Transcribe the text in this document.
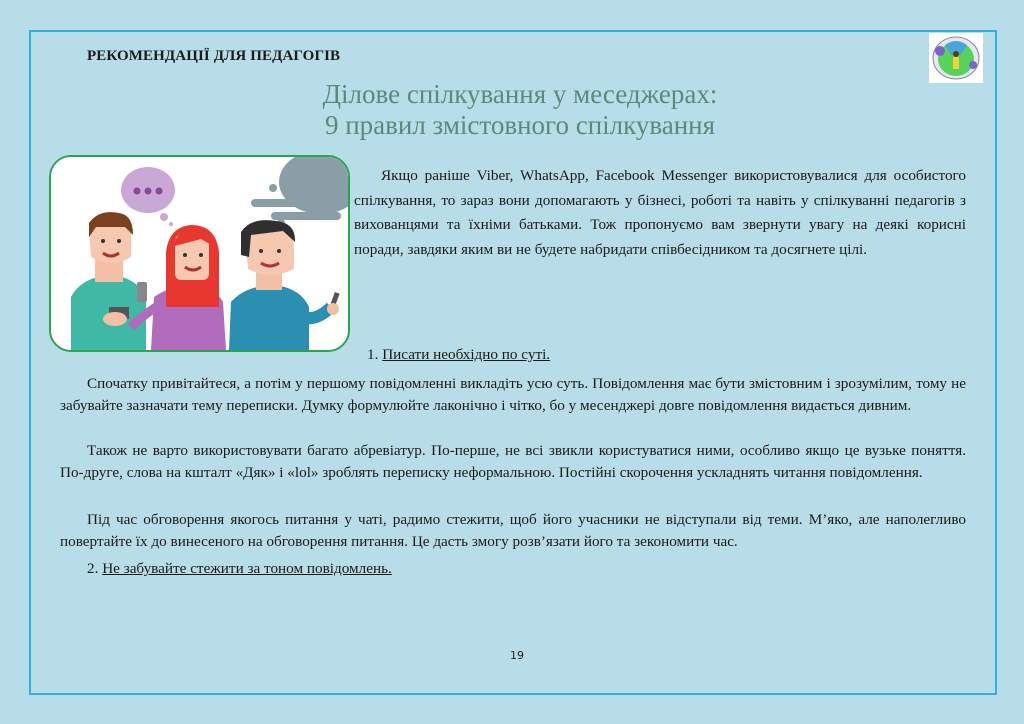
РЕКОМЕНДАЦІЇ ДЛЯ ПЕДАГОГІВ
Ділове спілкування у меседжерах:
9 правил змістовного спілкування
Якщо раніше Viber, WhatsApp, Facebook Messenger використовувалися для особистого спілкування, то зараз вони допомагають у бізнесі, роботі та навіть у спілкуванні педагогів з вихованцями та їхніми батьками. Тож пропонуємо вам звернути увагу на деякі корисні поради, завдяки яким ви не будете набридати співбесідником та досягнете цілі.
1. Писати необхідно по суті.
Спочатку привітайтеся, а потім у першому повідомленні викладіть усю суть. Повідомлення має бути змістовним і зрозумілим, тому не забувайте зазначати тему переписки. Думку формулюйте лаконічно і чітко, бо у месенджері довге повідомлення видається дивним.
Також не варто використовувати багато абревіатур. По-перше, не всі звикли користуватися ними, особливо якщо це вузьке поняття. По-друге, слова на кшталт «Дяк» і «lol» зроблять переписку неформальною. Постійні скорочення ускладнять читання повідомлення.
Під час обговорення якогось питання у чаті, радимо стежити, щоб його учасники не відступали від теми. М’яко, але наполегливо повертайте їх до винесеного на обговорення питання. Це дасть змогу розв’язати його та зекономити час.
2. Не забувайте стежити за тоном повідомлень.
19
